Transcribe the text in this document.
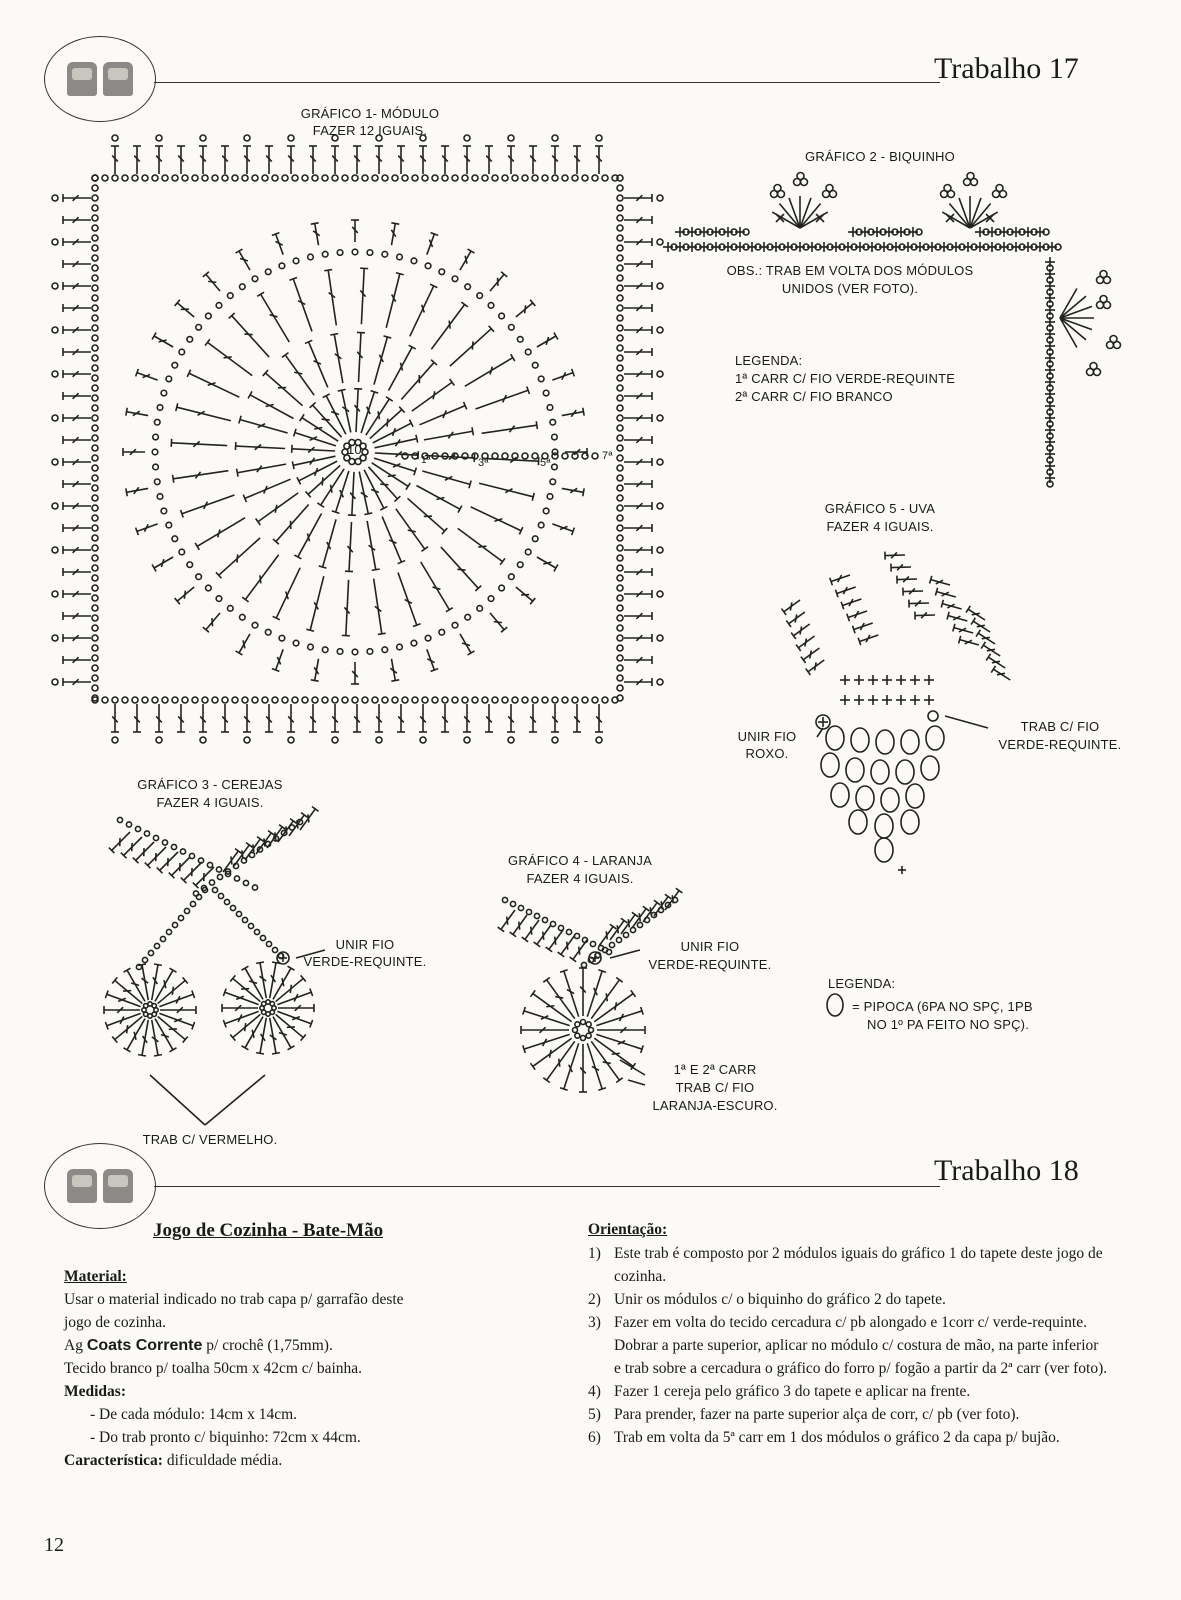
Trabalho 17
GRÁFICO 1- MÓDULO
FAZER 12 IGUAIS.
10
1ª	3ª	5ª
7ª
GRÁFICO 2 - BIQUINHO
OBS.: TRAB EM VOLTA DOS MÓDULOS
UNIDOS (VER FOTO).
LEGENDA:
1ª CARR C/ FIO VERDE-REQUINTE
2ª CARR C/ FIO BRANCO
GRÁFICO 5 - UVA
FAZER 4 IGUAIS.
UNIR FIO
ROXO.
TRAB C/ FIO
VERDE-REQUINTE.
LEGENDA:
= PIPOCA (6PA NO SPÇ, 1PB
NO 1º PA FEITO NO SPÇ).
GRÁFICO 3 - CEREJAS
FAZER 4 IGUAIS.
UNIR FIO
VERDE-REQUINTE.
TRAB C/ VERMELHO.
GRÁFICO 4 - LARANJA
FAZER 4 IGUAIS.
UNIR FIO
VERDE-REQUINTE.
1ª E 2ª CARR
TRAB C/ FIO
LARANJA-ESCURO.
Trabalho 18
Jogo de Cozinha - Bate-Mão
Material:
Usar o material indicado no trab capa p/ garrafão deste
jogo de cozinha.
Ag Coats Corrente p/ crochê (1,75mm).
Tecido branco p/ toalha 50cm x 42cm c/ bainha.
Medidas:
- De cada módulo: 14cm x 14cm.
- Do trab pronto c/ biquinho: 72cm x 44cm.
Característica: dificuldade média.
Orientação:
1) Este trab é composto por 2 módulos iguais do gráfico 1 do tapete deste jogo de cozinha.
2) Unir os módulos c/ o biquinho do gráfico 2 do tapete.
3) Fazer em volta do tecido cercadura c/ pb alongado e 1corr c/ verde-requinte. Dobrar a parte superior, aplicar no módulo c/ costura de mão, na parte inferior e trab sobre a cercadura o gráfico do forro p/ fogão a partir da 2ª carr (ver foto).
4) Fazer 1 cereja pelo gráfico 3 do tapete e aplicar na frente.
5) Para prender, fazer na parte superior alça de corr, c/ pb (ver foto).
6) Trab em volta da 5ª carr em 1 dos módulos o gráfico 2 da capa p/ bujão.
12
